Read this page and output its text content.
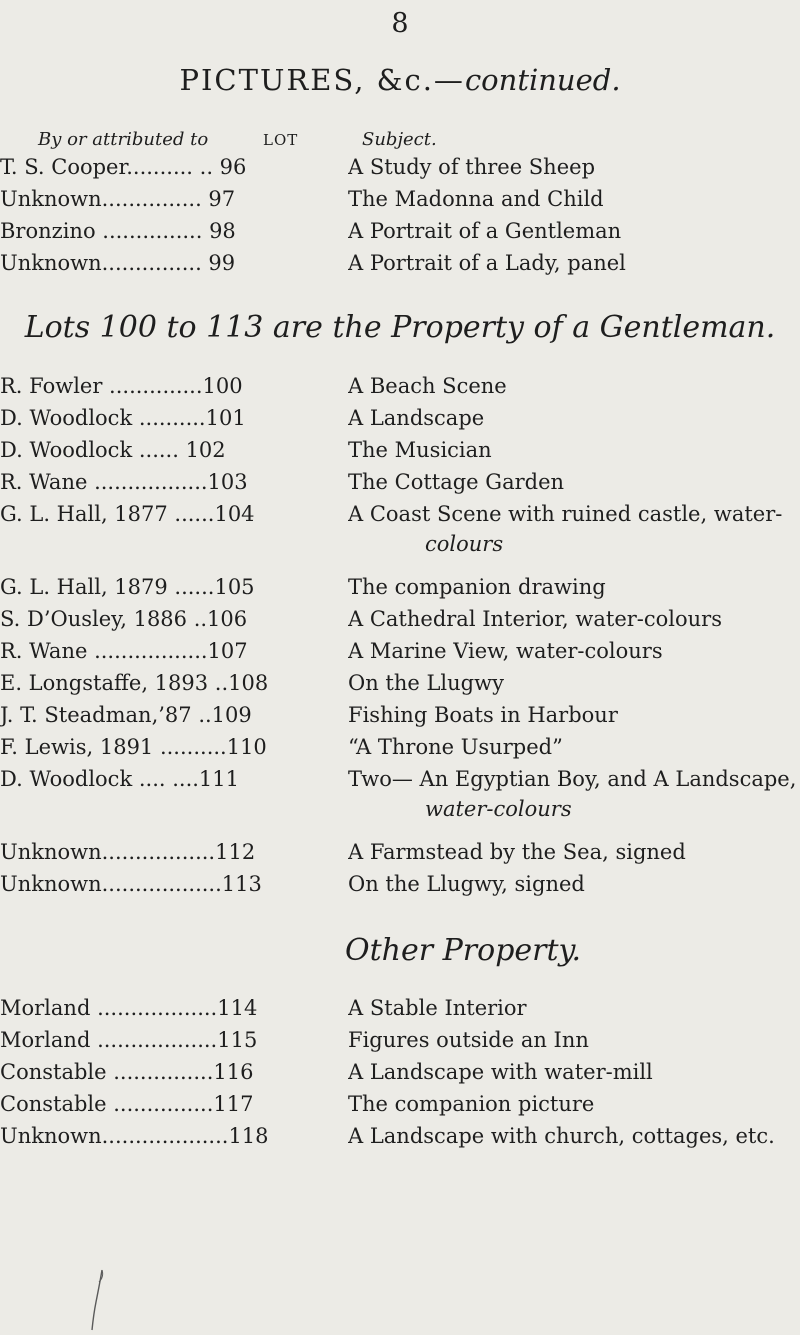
8
PICTURES, &c.—continued.
By or attributed to	LOT	Subject.
T. S. Cooper.......... .. 96	A Study of three Sheep
Unknown............... 97	The Madonna and Child
Bronzino ............... 98	A Portrait of a Gentleman
Unknown............... 99	A Portrait of a Lady, panel
Lots 100 to 113 are the Property of a Gentleman.
R. Fowler ..............100	A Beach Scene
D. Woodlock ..........101	A Landscape
D. Woodlock ...... 102	The Musician
R. Wane .................103	The Cottage Garden
G. L. Hall, 1877 ......104	A Coast Scene with ruined castle, water-
colours
G. L. Hall, 1879 ......105	The companion drawing
S. D’Ousley, 1886 ..106	A Cathedral Interior, water-colours
R. Wane .................107	A Marine View, water-colours
E. Longstaffe, 1893 ..108	On the Llugwy
J. T. Steadman,’87 ..109	Fishing Boats in Harbour
F. Lewis, 1891 ..........110	“A Throne Usurped”
D. Woodlock .... ....111	Two— An Egyptian Boy, and A Landscape,
water-colours
Unknown.................112	A Farmstead by the Sea, signed
Unknown..................113	On the Llugwy, signed
Other Property.
Morland ..................114	A Stable Interior
Morland ..................115	Figures outside an Inn
Constable ...............116	A Landscape with water-mill
Constable ...............117	The companion picture
Unknown...................118	A Landscape with church, cottages, etc.
